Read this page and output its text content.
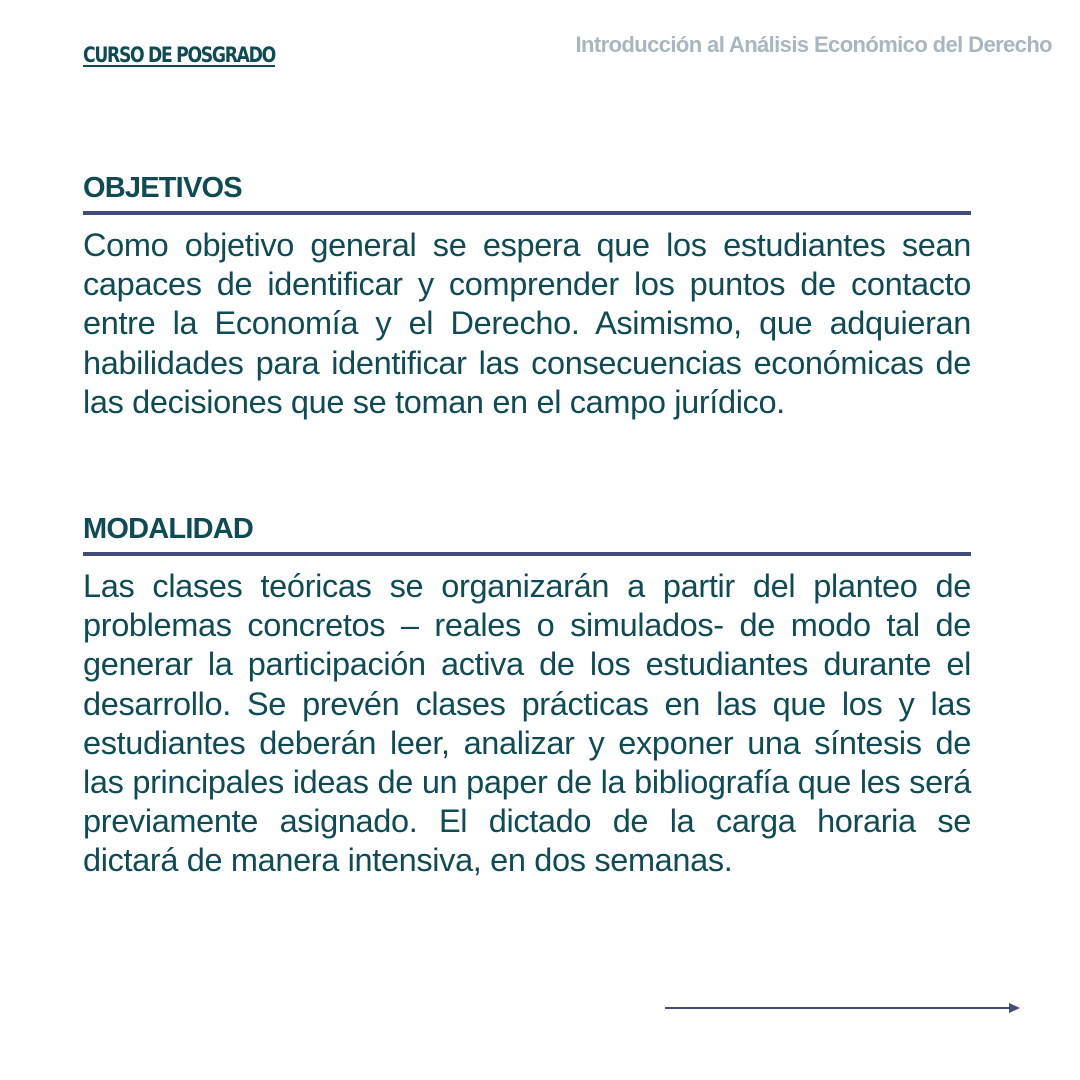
CURSO DE POSGRADO	Introducción al Análisis Económico del Derecho
OBJETIVOS

Como objetivo general se espera que los estudiantes sean capaces de identificar y comprender los puntos de contacto entre la Economía y el Derecho. Asimismo, que adquieran habilidades para identificar las consecuencias económicas de las decisiones que se toman en el campo jurídico.

MODALIDAD

Las clases teóricas se organizarán a partir del planteo de problemas concretos – reales o simulados- de modo tal de generar la participación activa de los estudiantes durante el desarrollo. Se prevén clases prácticas en las que los y las estudiantes deberán leer, analizar y exponer una síntesis de las principales ideas de un paper de la bibliografía que les será previamente asignado. El dictado de la carga horaria se dictará de manera intensiva, en dos semanas.
